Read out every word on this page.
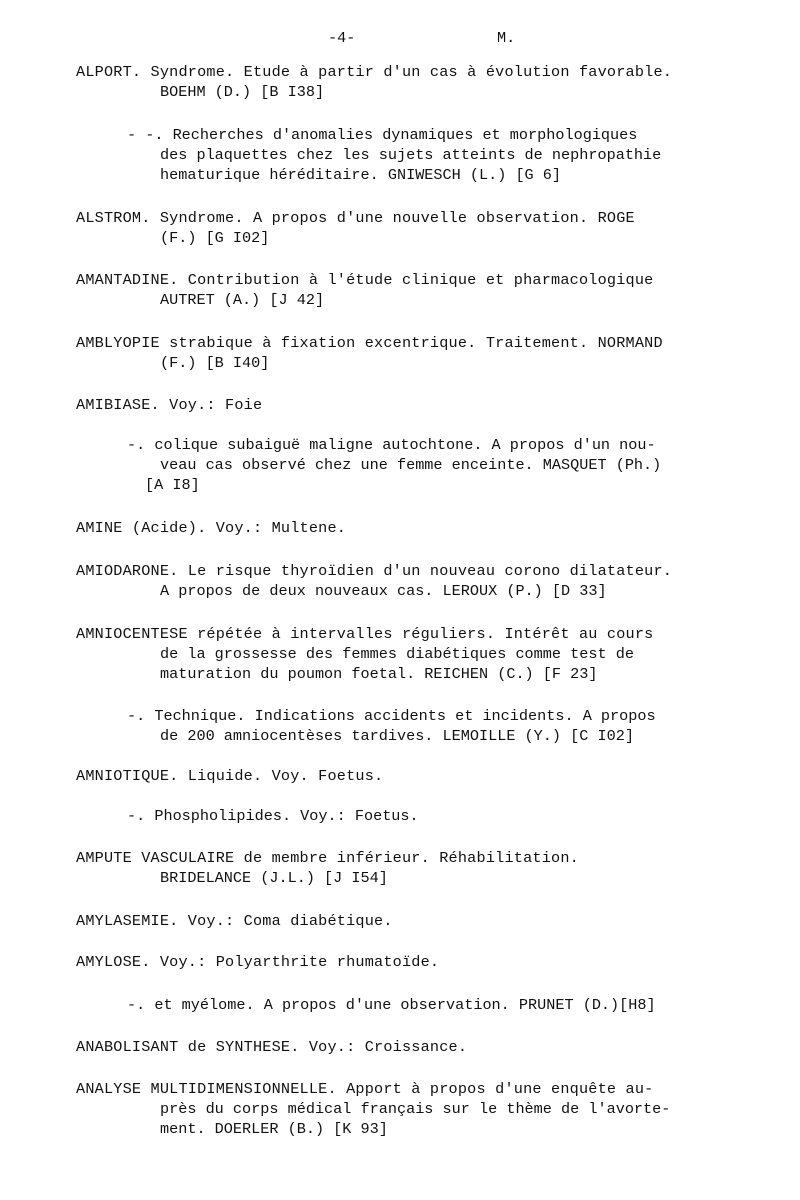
-4-	M.
ALPORT. Syndrome. Etude à partir d'un cas à évolution favorable.
BOEHM (D.) [B I38]
- -. Recherches d'anomalies dynamiques et morphologiques
des plaquettes chez les sujets atteints de nephropathie
hematurique héréditaire. GNIWESCH (L.) [G 6]
ALSTROM. Syndrome. A propos d'une nouvelle observation. ROGE
(F.) [G I02]
AMANTADINE. Contribution à l'étude clinique et pharmacologique
AUTRET (A.) [J 42]
AMBLYOPIE strabique à fixation excentrique. Traitement. NORMAND
(F.) [B I40]
AMIBIASE. Voy.: Foie
-. colique subaiguë maligne autochtone. A propos d'un nou-
veau cas observé chez une femme enceinte. MASQUET (Ph.)
[A I8]
AMINE (Acide). Voy.: Multene.
AMIODARONE. Le risque thyroïdien d'un nouveau corono dilatateur.
A propos de deux nouveaux cas. LEROUX (P.) [D 33]
AMNIOCENTESE répétée à intervalles réguliers. Intérêt au cours
de la grossesse des femmes diabétiques comme test de
maturation du poumon foetal. REICHEN (C.) [F 23]
-. Technique. Indications accidents et incidents. A propos
de 200 amniocentèses tardives. LEMOILLE (Y.) [C I02]
AMNIOTIQUE. Liquide. Voy. Foetus.
-. Phospholipides. Voy.: Foetus.
AMPUTE VASCULAIRE de membre inférieur. Réhabilitation.
BRIDELANCE (J.L.) [J I54]
AMYLASEMIE. Voy.: Coma diabétique.
AMYLOSE. Voy.: Polyarthrite rhumatoïde.
-. et myélome. A propos d'une observation. PRUNET (D.)[H8]
ANABOLISANT de SYNTHESE. Voy.: Croissance.
ANALYSE MULTIDIMENSIONNELLE. Apport à propos d'une enquête au-
près du corps médical français sur le thème de l'avorte-
ment. DOERLER (B.) [K 93]
